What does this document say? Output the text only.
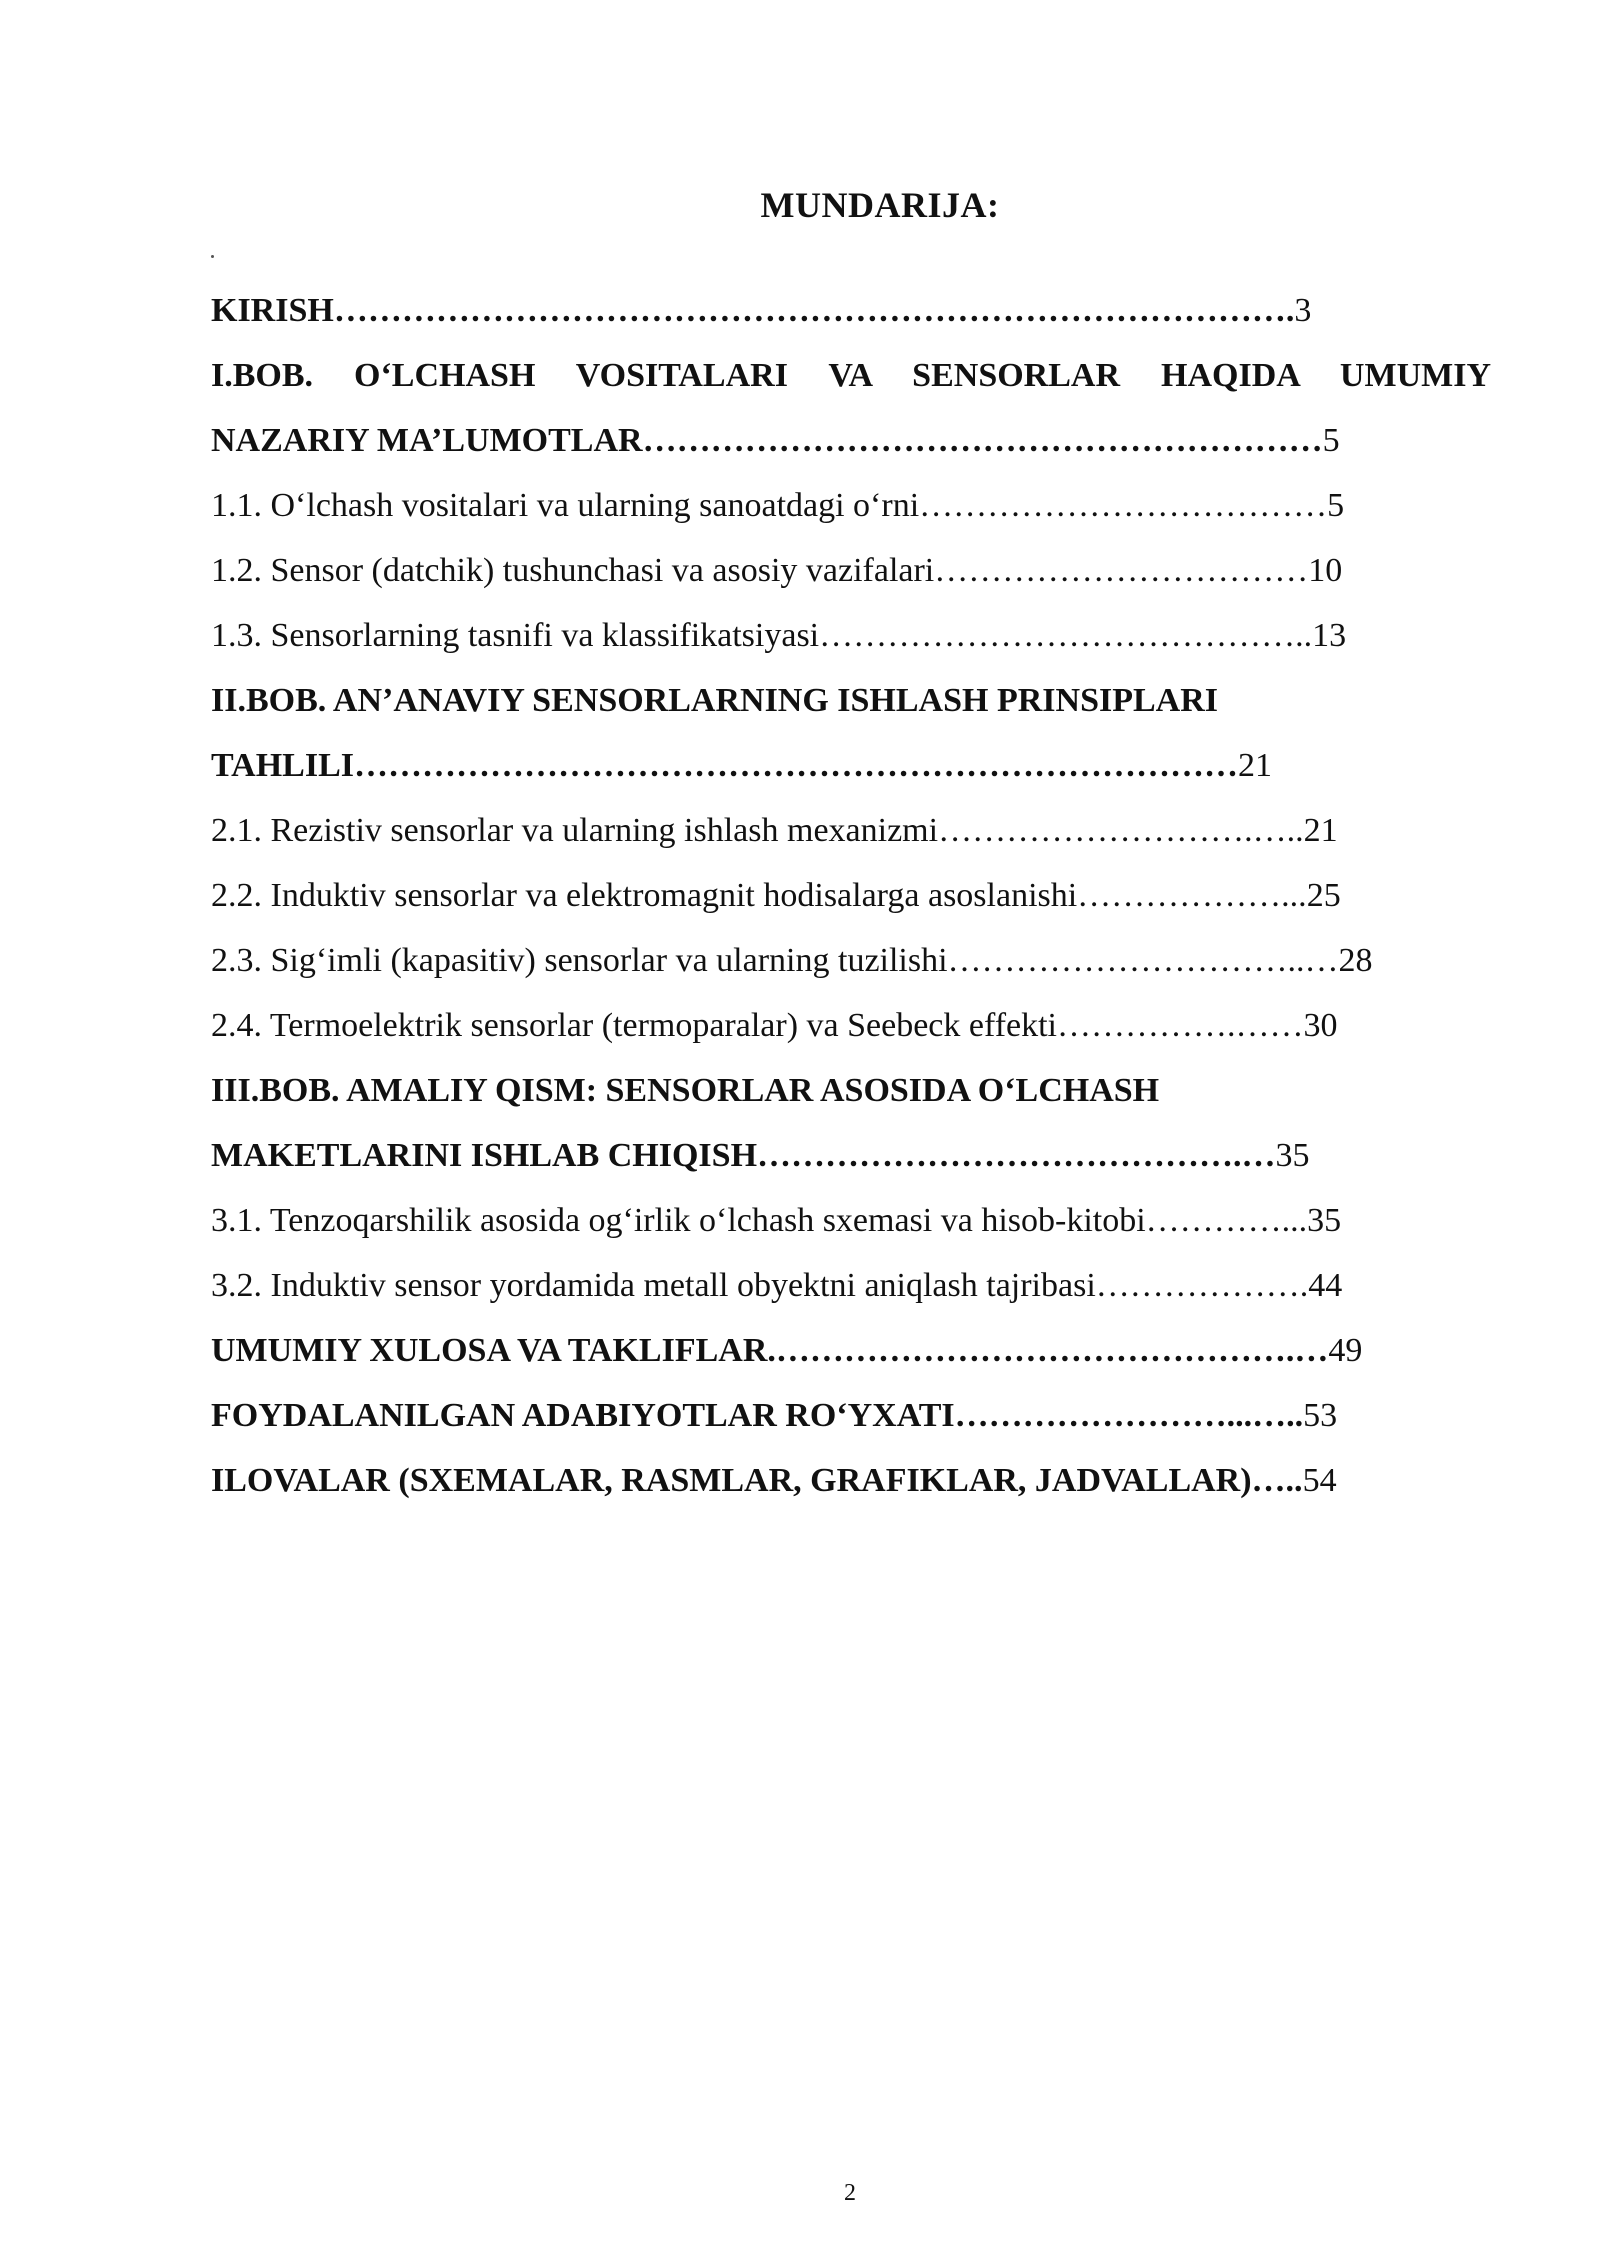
MUNDARIJA:
KIRISH………………………………………………………………………….3
I.BOB. O‘LCHASH VOSITALARI VA SENSORLAR HAQIDA UMUMIY
NAZARIY MA’LUMOTLAR……………………………………………………5
1.1. O‘lchash vositalari va ularning sanoatdagi o‘rni………………………………5
1.2. Sensor (datchik) tushunchasi va asosiy vazifalari……………………………10
1.3. Sensorlarning tasnifi va klassifikatsiyasi……………………………………..13
II.BOB. AN’ANAVIY SENSORLARNING ISHLASH PRINSIPLARI
TAHLILI……………………………………………………………………21
2.1. Rezistiv sensorlar va ularning ishlash mexanizmi……………………….…..21
2.2. Induktiv sensorlar va elektromagnit hodisalarga asoslanishi………………...25
2.3. Sig‘imli (kapasitiv) sensorlar va ularning tuzilishi…………………………..…28
2.4. Termoelektrik sensorlar (termoparalar) va Seebeck effekti…………….……30
III.BOB. AMALIY QISM: SENSORLAR ASOSIDA O‘LCHASH
MAKETLARINI ISHLAB CHIQISH…………………………………….…35
3.1. Tenzoqarshilik asosida og‘irlik o‘lchash sxemasi va hisob-kitobi…………...35
3.2. Induktiv sensor yordamida metall obyektni aniqlash tajribasi……………….44
UMUMIY XULOSA VA TAKLIFLAR.……………………………………….…49
FOYDALANILGAN ADABIYOTLAR RO‘YXATI……………………...…..53
ILOVALAR (SXEMALAR, RASMLAR, GRAFIKLAR, JADVALLAR)…..54
2
